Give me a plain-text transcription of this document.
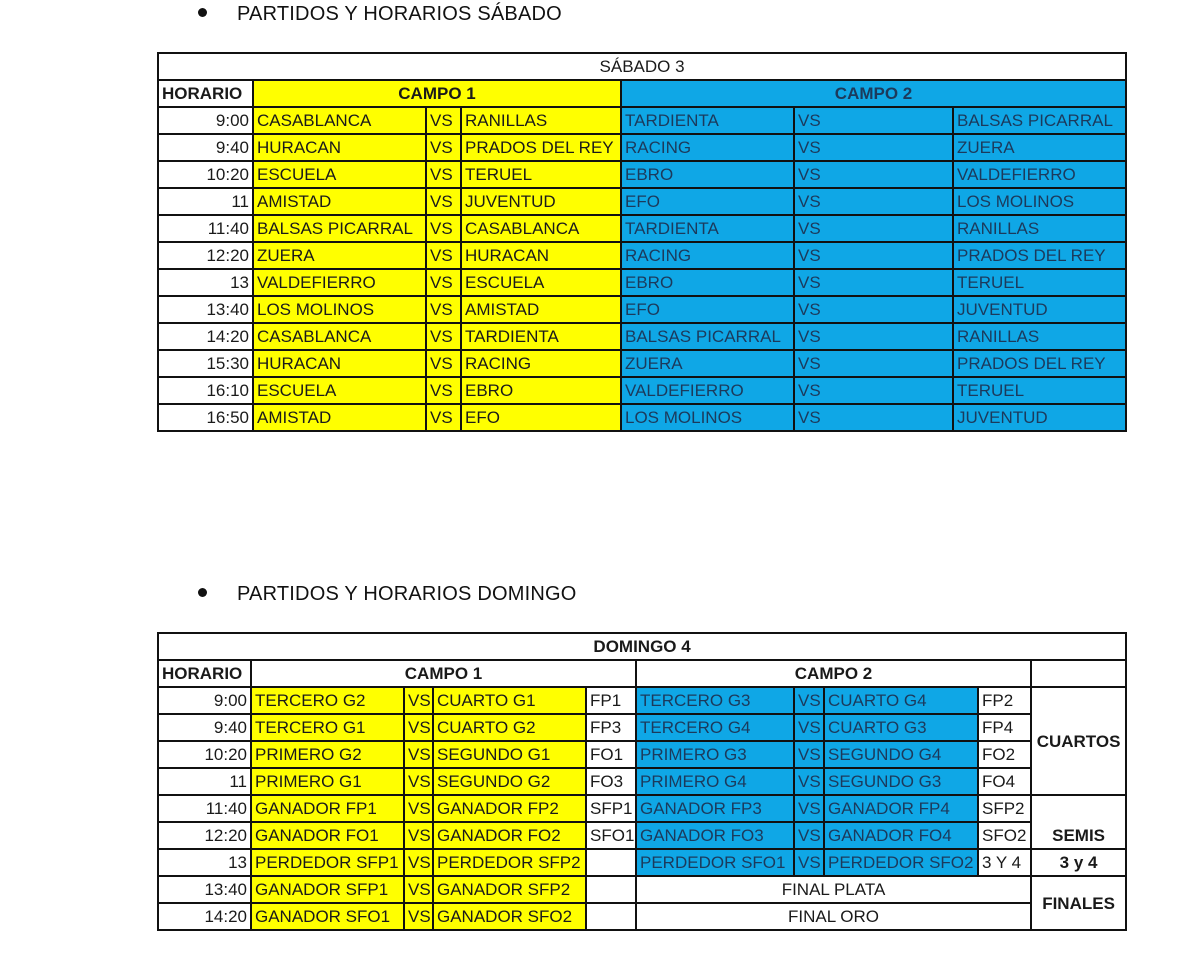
PARTIDOS Y HORARIOS SÁBADO
SÁBADO 3						
HORARIO	CAMPO 1			CAMPO 2		
9:00	CASABLANCA	VS	RANILLAS	TARDIENTA	VS	BALSAS PICARRAL
9:40	HURACAN	VS	PRADOS DEL REY	RACING	VS	ZUERA
10:20	ESCUELA	VS	TERUEL	EBRO	VS	VALDEFIERRO
11	AMISTAD	VS	JUVENTUD	EFO	VS	LOS MOLINOS
11:40	BALSAS PICARRAL	VS	CASABLANCA	TARDIENTA	VS	RANILLAS
12:20	ZUERA	VS	HURACAN	RACING	VS	PRADOS DEL REY
13	VALDEFIERRO	VS	ESCUELA	EBRO	VS	TERUEL
13:40	LOS MOLINOS	VS	AMISTAD	EFO	VS	JUVENTUD
14:20	CASABLANCA	VS	TARDIENTA	BALSAS PICARRAL	VS	RANILLAS
15:30	HURACAN	VS	RACING	ZUERA	VS	PRADOS DEL REY
16:10	ESCUELA	VS	EBRO	VALDEFIERRO	VS	TERUEL
16:50	AMISTAD	VS	EFO	LOS MOLINOS	VS	JUVENTUD
PARTIDOS Y HORARIOS DOMINGO
DOMINGO 4									
HORARIO	CAMPO 1				CAMPO 2				
9:00	TERCERO G2	VS	CUARTO G1	FP1	TERCERO G3	VS	CUARTO G4	FP2	CUARTOS
9:40	TERCERO G1	VS	CUARTO G2	FP3	TERCERO G4	VS	CUARTO G3	FP4	
10:20	PRIMERO G2	VS	SEGUNDO G1	FO1	PRIMERO G3	VS	SEGUNDO G4	FO2	
11	PRIMERO G1	VS	SEGUNDO G2	FO3	PRIMERO G4	VS	SEGUNDO G3	FO4	
11:40	GANADOR FP1	VS	GANADOR FP2	SFP1	GANADOR FP3	VS	GANADOR FP4	SFP2	SEMIS
12:20	GANADOR FO1	VS	GANADOR FO2	SFO1	GANADOR FO3	VS	GANADOR FO4	SFO2	
13	PERDEDOR SFP1	VS	PERDEDOR SFP2		PERDEDOR SFO1	VS	PERDEDOR SFO2	3 Y 4	3 y 4
13:40	GANADOR SFP1	VS	GANADOR SFP2		FINAL PLATA				FINALES
14:20	GANADOR SFO1	VS	GANADOR SFO2		FINAL ORO				
